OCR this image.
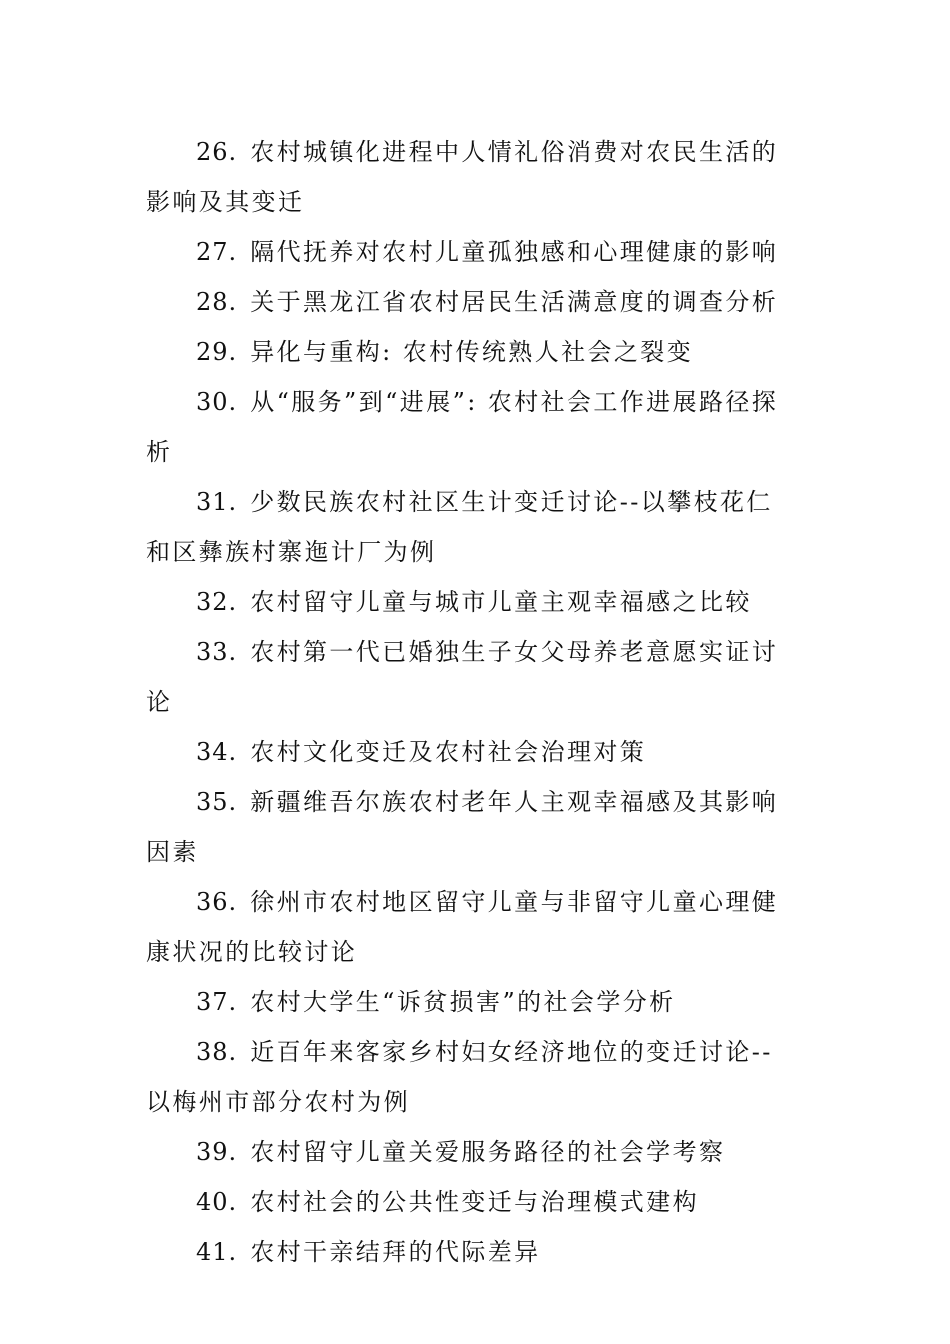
26 . 农村城镇化进程中人情礼俗消费对农民生活的影响及其变迁
27 . 隔代抚养对农村儿童孤独感和心理健康的影响
28 . 关于黑龙江省农村居民生活满意度的调查分析
29 . 异化与重构: 农村传统熟人社会之裂变
30 . 从“服务”到“进展”: 农村社会工作进展路径探析
31 . 少数民族农村社区生计变迁讨论--以攀枝花仁和区彝族村寨迤计厂为例
32 . 农村留守儿童与城市儿童主观幸福感之比较
33 . 农村第一代已婚独生子女父母养老意愿实证讨论
34 . 农村文化变迁及农村社会治理对策
35 . 新疆维吾尔族农村老年人主观幸福感及其影响因素
36 . 徐州市农村地区留守儿童与非留守儿童心理健康状况的比较讨论
37 . 农村大学生“诉贫损害”的社会学分析
38 . 近百年来客家乡村妇女经济地位的变迁讨论--以梅州市部分农村为例
39 . 农村留守儿童关爱服务路径的社会学考察
40 . 农村社会的公共性变迁与治理模式建构
41 . 农村干亲结拜的代际差异
